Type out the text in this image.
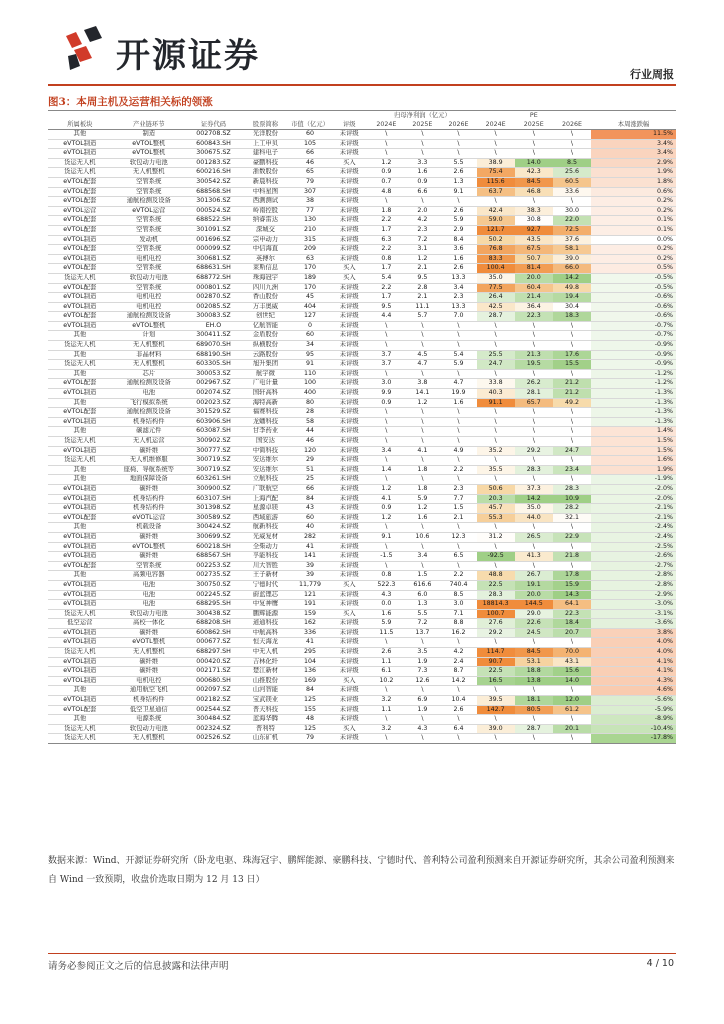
开源证券	行业周报
图3：本周主机及运营相关标的领涨
						归母净利润（亿元）			PE			
所属板块	产业链环节	证券代码	股票简称	市值（亿元）	评级	2024E	2025E	2026E	2024E	2025E	2026E	本周涨跌幅
其他	制造	002708.SZ	光洋股份	60	未评级	\	\	\	\	\	\	11.5%
eVTOL制造	eVTOL整机	600843.SH	上工申贝	105	未评级	\	\	\	\	\	\	3.4%
eVTOL制造	eVTOL整机	300675.SZ	建科电子	66	未评级	\	\	\	\	\	\	3.4%
货运无人机	软包动力电池	001283.SZ	豪鹏科技	46	买入	1.2	3.3	5.5	38.9	14.0	8.5	2.9%
货运无人机	无人机整机	600216.SH	浙数股份	65	未评级	0.9	1.6	2.6	75.4	42.3	25.6	1.9%
eVTOL配套	空管系统	300542.SZ	新晨科技	79	未评级	0.7	0.9	1.3	115.6	84.5	60.5	1.8%
eVTOL配套	空管系统	688568.SH	中科星图	307	未评级	4.8	6.6	9.1	63.7	46.8	33.6	0.6%
eVTOL配套	通航检测及设备	301306.SZ	西测测试	38	未评级	\	\	\	\	\	\	0.2%
eVTOL运营	eVTOL运营	000524.SZ	岭南控股	77	未评级	1.8	2.0	2.6	42.4	38.3	30.0	0.2%
eVTOL配套	空管系统	688522.SH	纳睿雷达	130	未评级	2.2	4.2	5.9	59.0	30.8	22.0	0.1%
eVTOL配套	空管系统	301091.SZ	深城交	210	未评级	1.7	2.3	2.9	121.7	92.7	72.5	0.1%
eVTOL制造	发动机	001696.SZ	宗申动力	315	未评级	6.3	7.2	8.4	50.2	43.5	37.6	0.0%
eVTOL配套	空管系统	000099.SZ	中信海直	209	未评级	2.2	3.1	3.6	76.8	67.5	58.1	0.2%
eVTOL制造	电机电控	300681.SZ	英搏尔	63	未评级	0.8	1.2	1.6	83.3	50.7	39.0	0.2%
eVTOL配套	空管系统	688631.SH	莱斯信息	170	买入	1.7	2.1	2.6	100.4	81.4	66.0	0.5%
货运无人机	软包动力电池	688772.SH	珠海冠宇	189	买入	5.4	9.5	13.3	35.0	20.0	14.2	-0.5%
eVTOL配套	空管系统	000801.SZ	四川九洲	170	未评级	2.2	2.8	3.4	77.5	60.4	49.8	-0.5%
eVTOL制造	电机电控	002870.SZ	香山股份	45	未评级	1.7	2.1	2.3	26.4	21.4	19.4	-0.6%
eVTOL制造	电机电控	002085.SZ	万丰奥威	404	未评级	9.5	11.1	13.3	42.5	36.4	30.4	-0.6%
eVTOL配套	通航检测及设备	300083.SZ	创世纪	127	未评级	4.4	5.7	7.0	28.7	22.3	18.3	-0.6%
eVTOL制造	eVTOL整机	EH.O	亿航智能	0	未评级	\	\	\	\	\	\	-0.7%
其他	计划	300411.SZ	金盾股份	60	未评级	\	\	\	\	\	\	-0.7%
货运无人机	无人机整机	689070.SH	纵横股份	34	未评级	\	\	\	\	\	\	-0.9%
其他	非晶材料	688190.SH	云路股份	95	未评级	3.7	4.5	5.4	25.5	21.3	17.6	-0.9%
货运无人机	无人机整机	603305.SH	旭升集团	91	未评级	3.7	4.7	5.9	24.7	19.5	15.5	-0.9%
其他	芯片	300053.SZ	航宇微	110	未评级	\	\	\	\	\	\	-1.2%
eVTOL配套	通航检测及设备	002967.SZ	广电计量	100	未评级	3.0	3.8	4.7	33.8	26.2	21.2	-1.2%
eVTOL制造	电池	002074.SZ	国轩高科	400	未评级	9.9	14.1	19.9	40.3	28.1	21.2	-1.3%
其他	飞行模拟系统	002023.SZ	海特高新	80	未评级	0.9	1.2	1.6	91.1	65.7	49.2	-1.3%
eVTOL配套	通航检测及设备	301529.SZ	福赛科技	28	未评级	\	\	\	\	\	\	-1.3%
eVTOL制造	机身结构件	603906.SH	龙蟠科技	58	未评级	\	\	\	\	\	\	-1.3%
其他	碳滤元件	603087.SH	甘李药业	44	未评级	\	\	\	\	\	\	1.4%
货运无人机	无人机运营	300902.SZ	国安达	46	未评级	\	\	\	\	\	\	1.5%
eVTOL制造	碳纤维	300777.SZ	中简科技	120	未评级	3.4	4.1	4.9	35.2	29.2	24.7	1.5%
货运无人机	无人机维修服	300719.SZ	安达维尔	29	未评级	\	\	\	\	\	\	1.6%
其他	座椅、导航系统等	300719.SZ	安达维尔	51	未评级	1.4	1.8	2.2	35.5	28.3	23.4	1.9%
其他	地面保障设备	603261.SH	立航科技	25	未评级	\	\	\	\	\	\	-1.9%
eVTOL制造	碳纤维	300900.SZ	广联航空	66	未评级	1.2	1.8	2.3	50.6	37.3	28.3	-2.0%
eVTOL制造	机身结构件	603107.SH	上海汽配	84	未评级	4.1	5.9	7.7	20.3	14.2	10.9	-2.0%
eVTOL制造	机身结构件	301398.SZ	星源卓镁	43	未评级	0.9	1.2	1.5	45.7	35.0	28.2	-2.1%
eVTOL配套	eVOTL运营	300589.SZ	西域旅游	60	未评级	1.2	1.6	2.1	55.3	44.0	32.1	-2.1%
其他	机载设备	300424.SZ	航新科技	40	未评级	\	\	\	\	\	\	-2.4%
eVTOL制造	碳纤维	300699.SZ	光威复材	282	未评级	9.1	10.6	12.3	31.2	26.5	22.9	-2.4%
eVTOL制造	eVTOL整机	600218.SH	全柴动力	41	未评级	\	\	\	\	\	\	-2.5%
eVTOL制造	碳纤维	688567.SH	孚能科技	141	未评级	-1.5	3.4	6.5	-92.5	41.3	21.8	-2.6%
eVTOL配套	空管系统	002253.SZ	川大智胜	39	未评级	\	\	\	\	\	\	-2.7%
其他	高频电容器	002735.SZ	王子新材	39	未评级	0.8	1.5	2.2	48.8	26.7	17.8	-2.8%
eVTOL制造	电池	300750.SZ	宁德时代	11,779	买入	522.3	616.6	740.4	22.5	19.1	15.9	-2.8%
eVTOL制造	电池	002245.SZ	蔚蓝锂芯	121	未评级	4.3	6.0	8.5	28.3	20.0	14.3	-2.9%
eVTOL制造	电池	688295.SH	中复神鹰	191	未评级	0.0	1.3	3.0	18814.3	144.5	64.1	-3.0%
货运无人机	软包动力电池	300438.SZ	鹏辉能源	159	买入	1.6	5.5	7.1	100.7	29.0	22.3	-3.1%
低空运营	高校一体化	688208.SH	道通科技	162	未评级	5.9	7.2	8.8	27.6	22.6	18.4	-3.6%
eVTOL制造	碳纤维	600862.SH	中航高科	336	未评级	11.5	13.7	16.2	29.2	24.5	20.7	3.8%
eVTOL制造	eVOTL整机	000677.SZ	恒天海龙	41	未评级	\	\	\	\	\	\	4.0%
货运无人机	无人机整机	688297.SH	中无人机	295	未评级	2.6	3.5	4.2	114.7	84.5	70.0	4.0%
eVTOL制造	碳纤维	000420.SZ	吉林化纤	104	未评级	1.1	1.9	2.4	90.7	53.1	43.1	4.1%
eVTOL制造	碳纤维	002171.SZ	楚江新材	136	未评级	6.1	7.3	8.7	22.5	18.8	15.6	4.1%
eVTOL制造	电机电控	000680.SH	山推股份	169	买入	10.2	12.6	14.2	16.5	13.8	14.0	4.3%
其他	通用航空飞机	002097.SZ	山河智能	84	未评级	\	\	\	\	\	\	4.6%
eVTOL制造	机身结构件	002182.SZ	宝武镁业	125	未评级	3.2	6.9	10.4	39.5	18.1	12.0	-5.6%
eVTOL配套	低空卫星通信	002544.SZ	普天科技	155	未评级	1.1	1.9	2.6	142.7	80.5	61.2	-5.9%
其他	电源系统	300484.SZ	蓝海华腾	48	未评级	\	\	\	\	\	\	-8.9%
货运无人机	软包动力电池	002324.SZ	普利特	125	买入	3.2	4.3	6.4	39.0	28.7	20.1	-10.4%
货运无人机	无人机整机	002526.SZ	山东矿机	79	未评级	\	\	\	\	\	\	-17.8%
数据来源：Wind、开源证券研究所（卧龙电驱、珠海冠宇、鹏辉能源、豪鹏科技、宁德时代、普利特公司盈利预测来自开源证券研究所，其余公司盈利预测来自 Wind 一致预期，收盘价选取日期为 12 月 13 日）
请务必参阅正文之后的信息披露和法律声明	4 / 10
